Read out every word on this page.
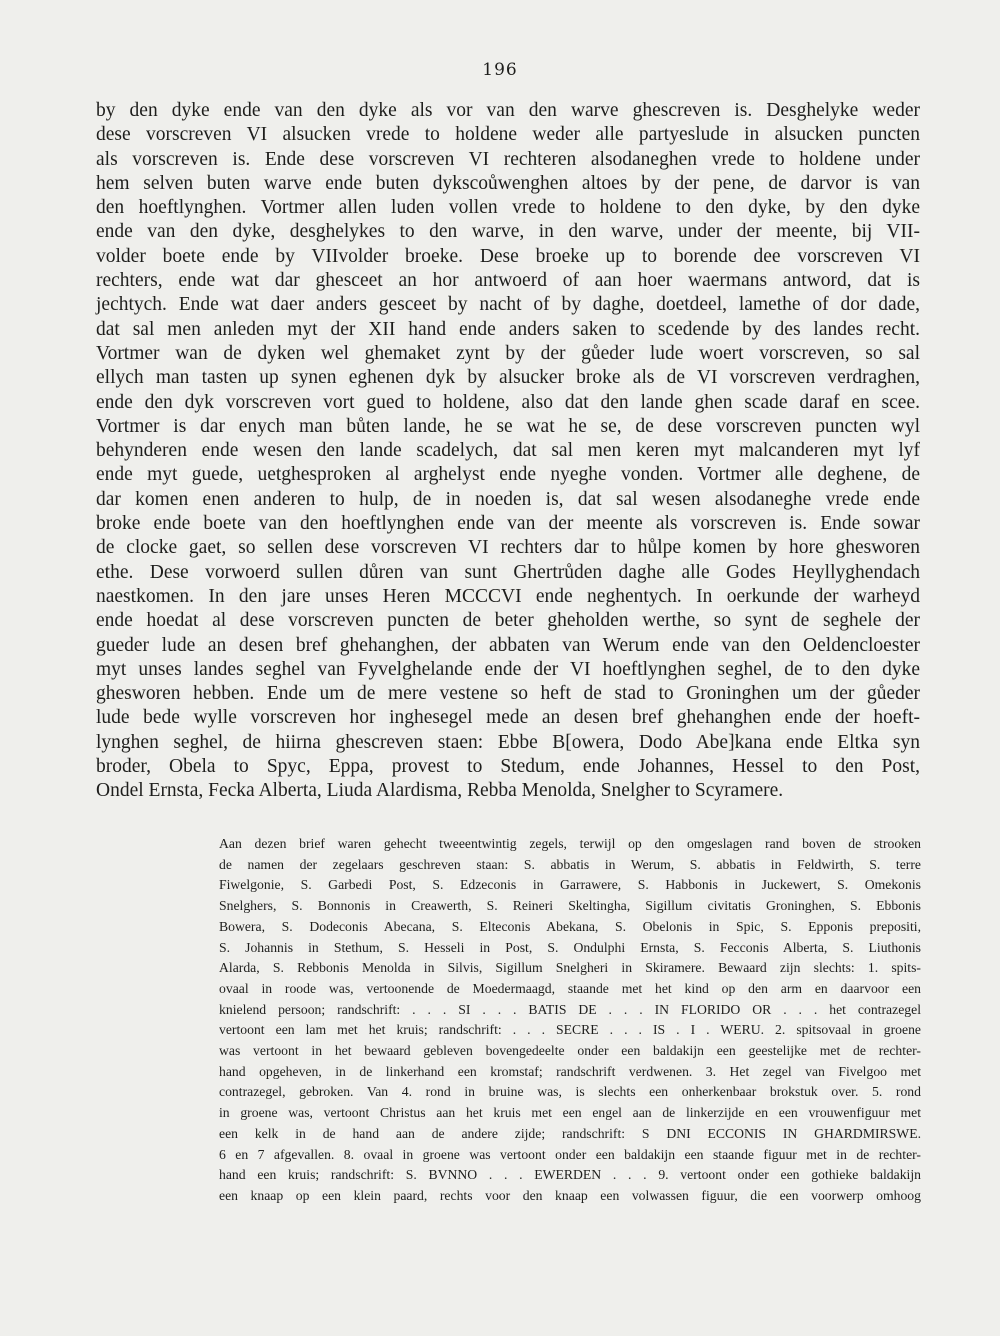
196

by den dyke ende van den dyke als vor van den warve ghescreven is. Desghelyke weder
dese vorscreven VI alsucken vrede to holdene weder alle partyeslude in alsucken puncten
als vorscreven is. Ende dese vorscreven VI rechteren alsodaneghen vrede to holdene under
hem selven buten warve ende buten dykscoůwenghen altoes by der pene, de darvor is van
den hoeftlynghen. Vortmer allen luden vollen vrede to holdene to den dyke, by den dyke
ende van den dyke, desghelykes to den warve, in den warve, under der meente, bij VII-
volder boete ende by VIIvolder broeke. Dese broeke up to borende dee vorscreven VI
rechters, ende wat dar ghesceet an hor antwoerd of aan hoer waermans antword, dat is
jechtych. Ende wat daer anders gesceet by nacht of by daghe, doetdeel, lamethe of dor dade,
dat sal men anleden myt der XII hand ende anders saken to scedende by des landes recht.
Vortmer wan de dyken wel ghemaket zynt by der gůeder lude woert vorscreven, so sal
ellych man tasten up synen eghenen dyk by alsucker broke als de VI vorscreven verdraghen,
ende den dyk vorscreven vort gued to holdene, also dat den lande ghen scade daraf en scee.
Vortmer is dar enych man bůten lande, he se wat he se, de dese vorscreven puncten wyl
behynderen ende wesen den lande scadelych, dat sal men keren myt malcanderen myt lyf
ende myt guede, uetghesproken al arghelyst ende nyeghe vonden. Vortmer alle deghene, de
dar komen enen anderen to hulp, de in noeden is, dat sal wesen alsodaneghe vrede ende
broke ende boete van den hoeftlynghen ende van der meente als vorscreven is. Ende sowar
de clocke gaet, so sellen dese vorscreven VI rechters dar to hůlpe komen by hore ghesworen
ethe. Dese vorwoerd sullen důren van sunt Ghertrůden daghe alle Godes Heyllyghendach
naestkomen. In den jare unses Heren MCCCVI ende neghentych. In oerkunde der warheyd
ende hoedat al dese vorscreven puncten de beter gheholden werthe, so synt de seghele der
gueder lude an desen bref ghehanghen, der abbaten van Werum ende van den Oeldencloester
myt unses landes seghel van Fyvelghelande ende der VI hoeftlynghen seghel, de to den dyke
ghesworen hebben. Ende um de mere vestene so heft de stad to Groninghen um der gůeder
lude bede wylle vorscreven hor inghesegel mede an desen bref ghehanghen ende der hoeft-
lynghen seghel, de hiirna ghescreven staen: Ebbe B[owera, Dodo Abe]kana ende Eltka syn
broder, Obela to Spyc, Eppa, provest to Stedum, ende Johannes, Hessel to den Post,
Ondel Ernsta, Fecka Alberta, Liuda Alardisma, Rebba Menolda, Snelgher to Scyramere.
Aan dezen brief waren gehecht tweeentwintig zegels, terwijl op den omgeslagen rand boven de strooken
de namen der zegelaars geschreven staan: S. abbatis in Werum, S. abbatis in Feldwirth, S. terre
Fiwelgonie, S. Garbedi Post, S. Edzeconis in Garrawere, S. Habbonis in Juckewert, S. Omekonis
Snelghers, S. Bonnonis in Creawerth, S. Reineri Skeltingha, Sigillum civitatis Groninghen, S. Ebbonis
Bowera, S. Dodeconis Abecana, S. Elteconis Abekana, S. Obelonis in Spic, S. Epponis prepositi,
S. Johannis in Stethum, S. Hesseli in Post, S. Ondulphi Ernsta, S. Fecconis Alberta, S. Liuthonis
Alarda, S. Rebbonis Menolda in Silvis, Sigillum Snelgheri in Skiramere. Bewaard zijn slechts: 1. spits-
ovaal in roode was, vertoonende de Moedermaagd, staande met het kind op den arm en daarvoor een
knielend persoon; randschrift: . . . SI . . . BATIS DE . . . IN FLORIDO OR . . . het contrazegel
vertoont een lam met het kruis; randschrift: . . . SECRE . . . IS . I . WERU. 2. spitsovaal in groene
was vertoont in het bewaard gebleven bovengedeelte onder een baldakijn een geestelijke met de rechter-
hand opgeheven, in de linkerhand een kromstaf; randschrift verdwenen. 3. Het zegel van Fivelgoo met
contrazegel, gebroken. Van 4. rond in bruine was, is slechts een onherkenbaar brokstuk over. 5. rond
in groene was, vertoont Christus aan het kruis met een engel aan de linkerzijde en een vrouwenfiguur met
een kelk in de hand aan de andere zijde; randschrift: S DNI ECCONIS IN GHARDMIRSWE.
6 en 7 afgevallen. 8. ovaal in groene was vertoont onder een baldakijn een staande figuur met in de rechter-
hand een kruis; randschrift: S. BVNNO . . . EWERDEN . . . 9. vertoont onder een gothieke baldakijn
een knaap op een klein paard, rechts voor den knaap een volwassen figuur, die een voorwerp omhoog
